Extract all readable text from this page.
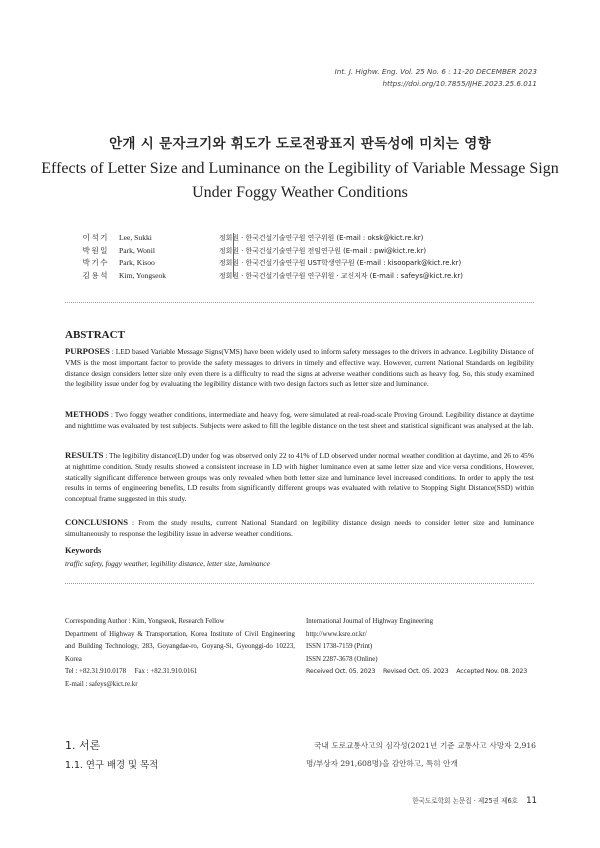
Int. J. Highw. Eng. Vol. 25 No. 6 : 11-20 DECEMBER 2023
https://doi.org/10.7855/IJHE.2023.25.6.011
안개 시 문자크기와 휘도가 도로전광표지 판독성에 미치는 영향
Effects of Letter Size and Luminance on the Legibility of Variable Message Sign
Under Foggy Weather Conditions
이석기 Lee, Sukki	정회원 · 한국건설기술연구원 연구위원 (E-mail : oksk@kict.re.kr)
박원일 Park, Wonil	정회원 · 한국건설기술연구원 전임연구원 (E-mail : pwi@kict.re.kr)
박기수 Park, Kisoo	정회원 · 한국건설기술연구원 UST학생연구원 (E-mail : kisoopark@kict.re.kr)
김용석 Kim, Yongseok	정회원 · 한국건설기술연구원 연구위원 · 교신저자 (E-mail : safeys@kict.re.kr)
ABSTRACT
PURPOSES : LED based Variable Message Signs(VMS) have been widely used to inform safety messages to the drivers in advance. Legibility Distance of VMS is the most important factor to provide the safety messages to drivers in timely and effective way. However, current National Standards on legibility distance design considers letter size only even there is a difficulty to read the signs at adverse weather conditions such as heavy fog. So, this study examined the legibility issue under fog by evaluating the legibility distance with two design factors such as letter size and luminance.
METHODS : Two foggy weather conditions, intermediate and heavy fog, were simulated at real-road-scale Proving Ground. Legibility distance at daytime and nighttime was evaluated by test subjects. Subjects were asked to fill the legible distance on the test sheet and statistical significant was analysed at the lab.
RESULTS : The legibility distance(LD) under fog was observed only 22 to 41% of LD observed under normal weather condition at daytime, and 26 to 45% at nighttime condition. Study results showed a consistent increase in LD with higher luminance even at same letter size and vice versa conditions, However, statically significant difference between groups was only revealed when both letter size and luminance level increased conditions. In order to apply the test results in terms of engineering benefits, LD results from significantly different groups was evaluated with relative to Stopping Sight Distance(SSD) within conceptual frame suggested in this study.
CONCLUSIONS : From the study results, current National Standard on legibility distance design needs to consider letter size and luminance simultaneously to response the legibility issue in adverse weather conditions.
Keywords
traffic safety, foggy weather, legibility distance, letter size, luminance
Corresponding Author : Kim, Yongseok, Research Fellow
Department of Highway & Transportation, Korea Institute of Civil Engineering and Building Technology, 283, Goyangdae-ro, Goyang-Si, Gyeonggi-do 10223, Korea
Tel : +82.31.910.0178     Fax : +82.31.910.0161
E-mail : safeys@kict.re.kr
International Journal of Highway Engineering
http://www.ksre.or.kr/
ISSN 1738-7159 (Print)
ISSN 2287-3678 (Online)
Received Oct. 05. 2023 Revised Oct. 05. 2023 Accepted Nov. 08. 2023
1. 서론
1.1. 연구 배경 및 목적
국내 도로교통사고의 심각성(2021년 기준 교통사고 사망자 2,916명/부상자 291,608명)을 감안하고, 특히 안개
한국도로학회 논문집 · 제25권 제6호 11
